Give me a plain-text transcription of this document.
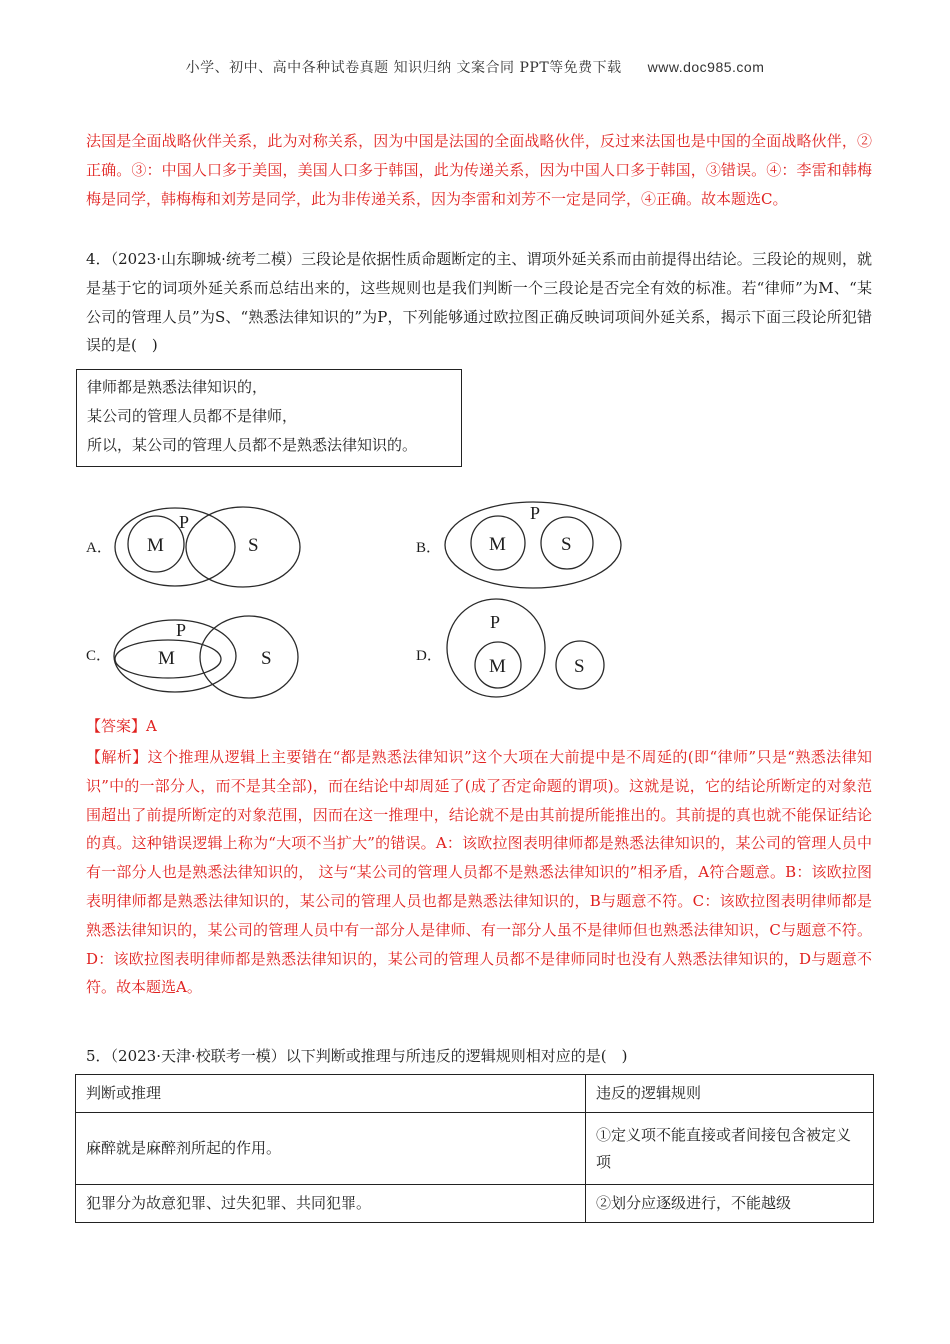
小学、初中、高中各种试卷真题 知识归纳 文案合同 PPT等免费下载 www.doc985.com
法国是全面战略伙伴关系，此为对称关系，因为中国是法国的全面战略伙伴，反过来法国也是中国的全面战略伙伴，②正确。③：中国人口多于美国，美国人口多于韩国，此为传递关系，因为中国人口多于韩国，③错误。④：李雷和韩梅梅是同学，韩梅梅和刘芳是同学，此为非传递关系，因为李雷和刘芳不一定是同学，④正确。故本题选C。
4．（2023·山东聊城·统考二模）三段论是依据性质命题断定的主、谓项外延关系而由前提得出结论。三段论的规则，就是基于它的词项外延关系而总结出来的，这些规则也是我们判断一个三段论是否完全有效的标准。若“律师”为M、“某公司的管理人员”为S、“熟悉法律知识的”为P，下列能够通过欧拉图正确反映词项间外延关系，揭示下面三段论所犯错误的是(　)
律师都是熟悉法律知识的，
某公司的管理人员都不是律师，
所以，某公司的管理人员都不是熟悉法律知识的。
A．
P
M	S	B．
P
M	S
C．
P
M	S	D．
P
M	S
【答案】A
【解析】这个推理从逻辑上主要错在“都是熟悉法律知识”这个大项在大前提中是不周延的(即“律师”只是“熟悉法律知识”中的一部分人，而不是其全部)，而在结论中却周延了(成了否定命题的谓项)。这就是说，它的结论所断定的对象范围超出了前提所断定的对象范围，因而在这一推理中，结论就不是由其前提所能推出的。其前提的真也就不能保证结论的真。这种错误逻辑上称为“大项不当扩大”的错误。A：该欧拉图表明律师都是熟悉法律知识的，某公司的管理人员中有一部分人也是熟悉法律知识的， 这与“某公司的管理人员都不是熟悉法律知识的”相矛盾，A符合题意。B：该欧拉图表明律师都是熟悉法律知识的，某公司的管理人员也都是熟悉法律知识的，B与题意不符。C：该欧拉图表明律师都是熟悉法律知识的，某公司的管理人员中有一部分人是律师、有一部分人虽不是律师但也熟悉法律知识，C与题意不符。D：该欧拉图表明律师都是熟悉法律知识的，某公司的管理人员都不是律师同时也没有人熟悉法律知识的，D与题意不符。故本题选A。
5．（2023·天津·校联考一模）以下判断或推理与所违反的逻辑规则相对应的是(　)
判断或推理	违反的逻辑规则
麻醉就是麻醉剂所起的作用。	①定义项不能直接或者间接包含被定义项
犯罪分为故意犯罪、过失犯罪、共同犯罪。	②划分应逐级进行，不能越级
